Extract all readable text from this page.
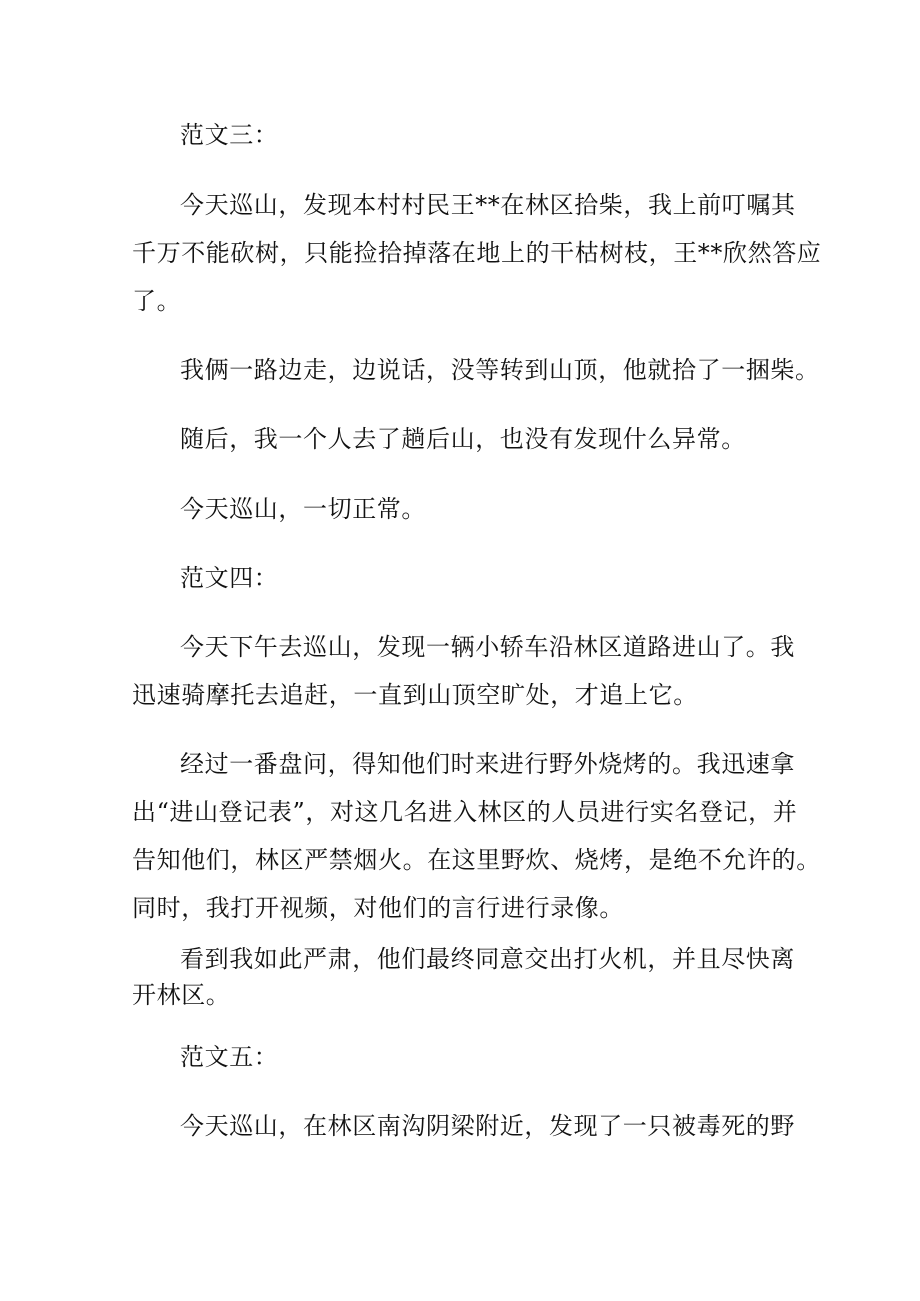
范文三：
今天巡山，发现本村村民王**在林区拾柴，我上前叮嘱其
千万不能砍树，只能捡拾掉落在地上的干枯树枝，王**欣然答应
了。
我俩一路边走，边说话，没等转到山顶，他就拾了一捆柴。
随后，我一个人去了趟后山，也没有发现什么异常。
今天巡山，一切正常。
范文四：
今天下午去巡山，发现一辆小轿车沿林区道路进山了。我
迅速骑摩托去追赶，一直到山顶空旷处，才追上它。
经过一番盘问，得知他们时来进行野外烧烤的。我迅速拿
出“进山登记表”，对这几名进入林区的人员进行实名登记，并
告知他们，林区严禁烟火。在这里野炊、烧烤，是绝不允许的。
同时，我打开视频，对他们的言行进行录像。
看到我如此严肃，他们最终同意交出打火机，并且尽快离
开林区。
范文五：
今天巡山，在林区南沟阴梁附近，发现了一只被毒死的野
